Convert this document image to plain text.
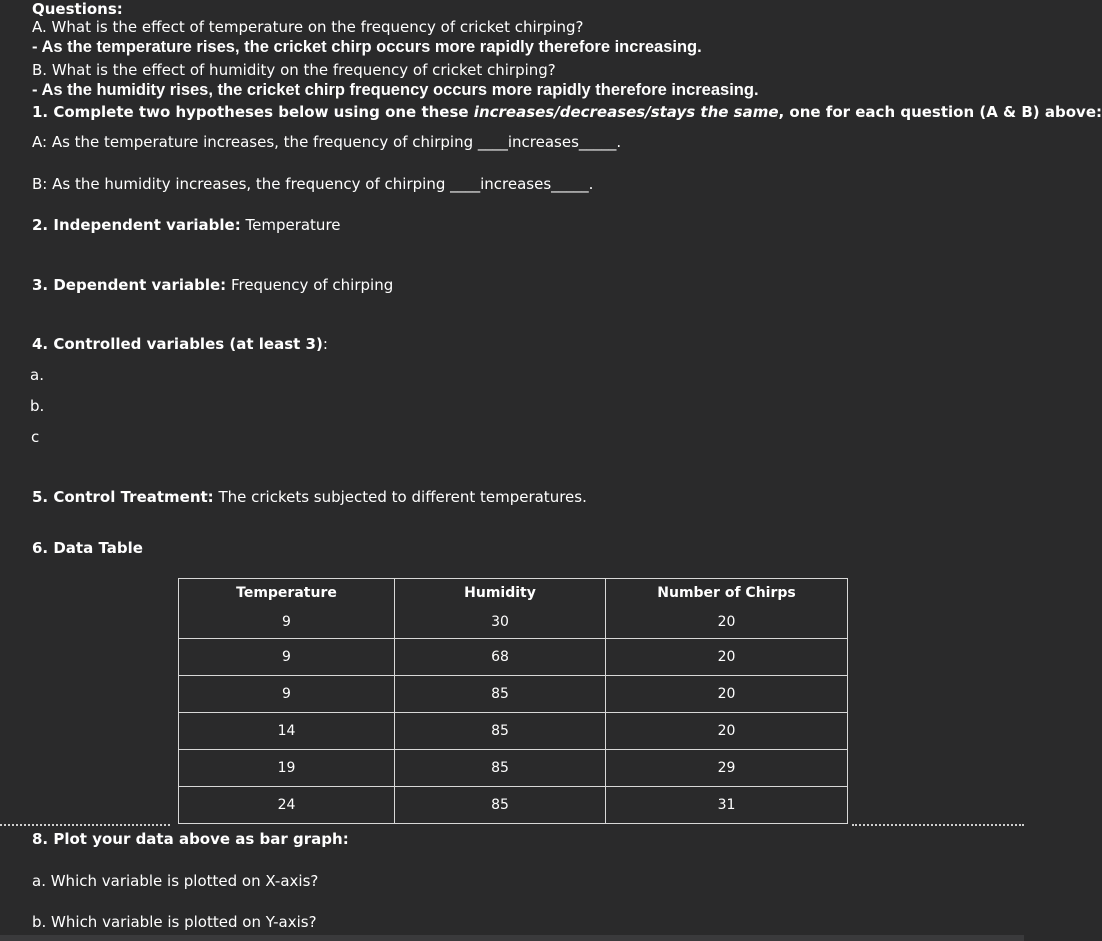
Questions:
A. What is the effect of temperature on the frequency of cricket chirping?
- As the temperature rises, the cricket chirp occurs more rapidly therefore increasing.
B. What is the effect of humidity on the frequency of cricket chirping?
- As the humidity rises, the cricket chirp frequency occurs more rapidly therefore increasing.
1. Complete two hypotheses below using one these increases/decreases/stays the same, one for each question (A & B) above:
A: As the temperature increases, the frequency of chirping ____increases_____.
B: As the humidity increases, the frequency of chirping ____increases_____.
2. Independent variable: Temperature
3. Dependent variable: Frequency of chirping
4. Controlled variables (at least 3):
a.
b.
c
5. Control Treatment: The crickets subjected to different temperatures.
6. Data Table
8. Plot your data above as bar graph:
a. Which variable is plotted on X-axis?
b. Which variable is plotted on Y-axis?
Temperature	Humidity	Number of Chirps
9	30	20
9	68	20
9	85	20
14	85	20
19	85	29
24	85	31
